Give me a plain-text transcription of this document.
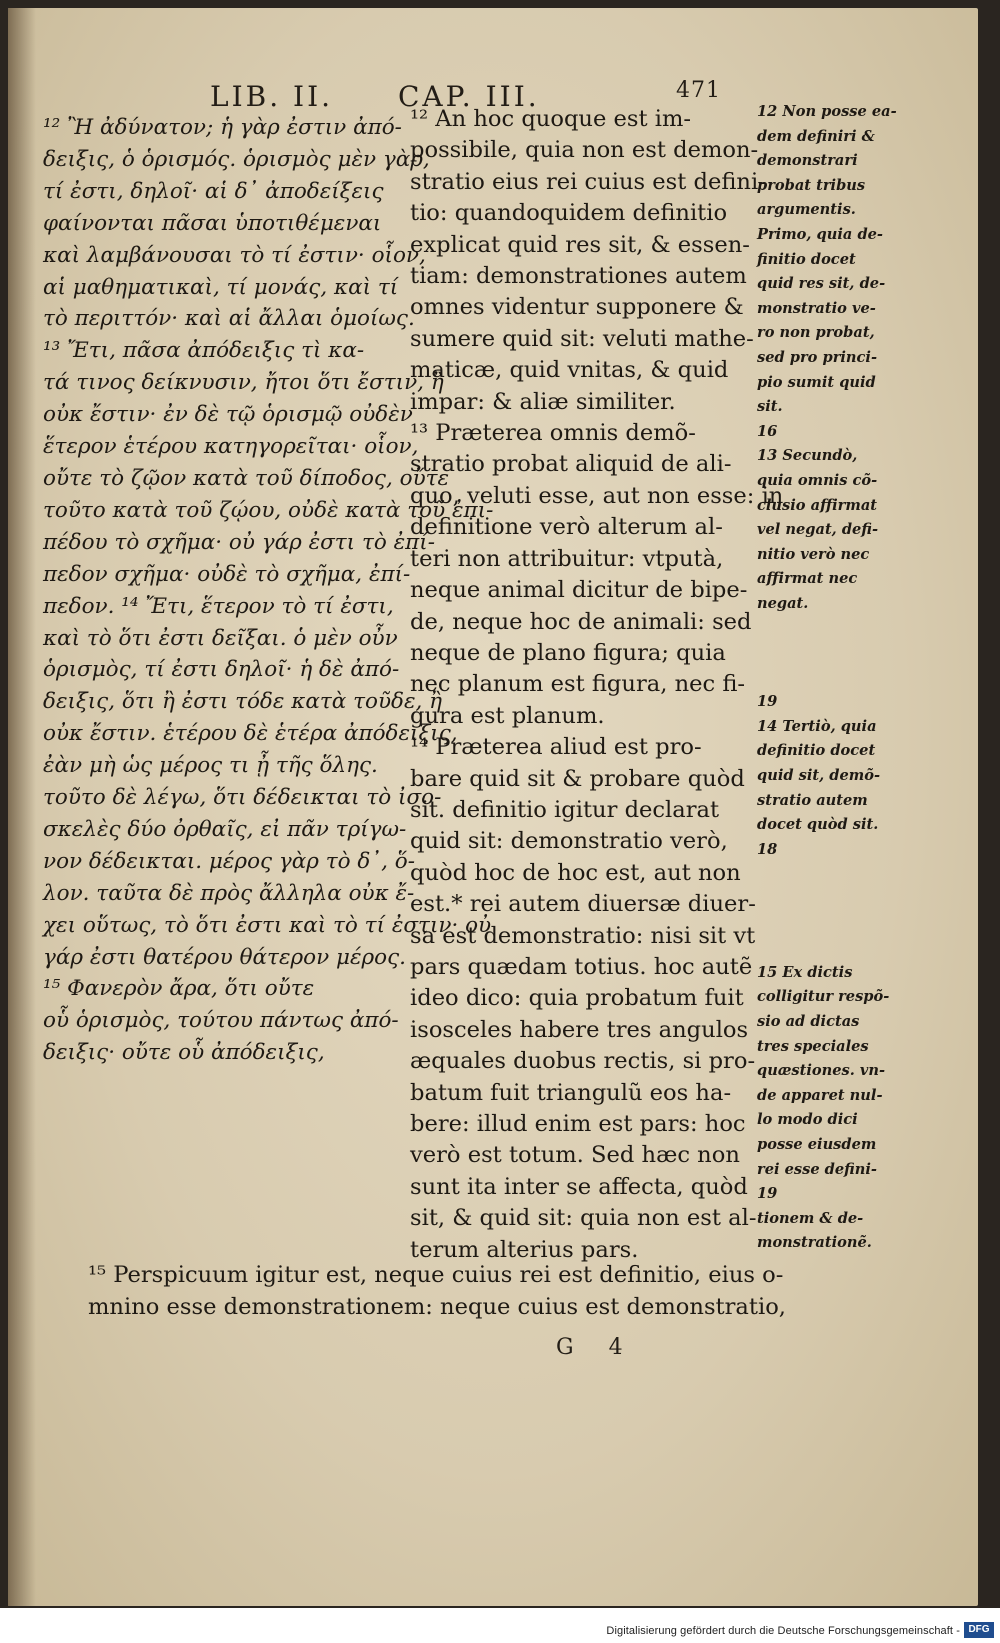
LIB. II. CAP. III.	471
¹² Ἢ ἀδύνατον; ἡ γὰρ ἐστιν ἀπό-
δειξις, ὁ ὁρισμός. ὁρισμὸς μὲν γὰρ,
τί ἐστι, δηλοῖ· αἱ δ᾽ ἀποδείξεις
φαίνονται πᾶσαι ὑποτιθέμεναι
καὶ λαμβάνουσαι τὸ τί ἐστιν· οἷον,
αἱ μαθηματικαὶ, τί μονάς, καὶ τί
τὸ περιττόν· καὶ αἱ ἄλλαι ὁμοίως.
¹³ Ἔτι, πᾶσα ἀπόδειξις τὶ κα-
τά τινος δείκνυσιν, ἤτοι ὅτι ἔστιν, ἢ
οὐκ ἔστιν· ἐν δὲ τῷ ὁρισμῷ οὐδὲν
ἕτερον ἑτέρου κατηγορεῖται· οἷον,
οὔτε τὸ ζῷον κατὰ τοῦ δίποδος, οὔτε
τοῦτο κατὰ τοῦ ζῴου, οὐδὲ κατὰ τοῦ ἐπι-
πέδου τὸ σχῆμα· οὐ γάρ ἐστι τὸ ἐπί-
πεδον σχῆμα· οὐδὲ τὸ σχῆμα, ἐπί-
πεδον. ¹⁴ Ἔτι, ἕτερον τὸ τί ἐστι,
καὶ τὸ ὅτι ἐστι δεῖξαι. ὁ μὲν οὖν
ὁρισμὸς, τί ἐστι δηλοῖ· ἡ δὲ ἀπό-
δειξις, ὅτι ἢ ἐστι τόδε κατὰ τοῦδε, ἢ
οὐκ ἔστιν. ἑτέρου δὲ ἑτέρα ἀπόδειξις,
ἐὰν μὴ ὡς μέρος τι ᾖ τῆς ὅλης.
τοῦτο δὲ λέγω, ὅτι δέδεικται τὸ ἰσο-
σκελὲς δύο ὀρθαῖς, εἰ πᾶν τρίγω-
νον δέδεικται. μέρος γὰρ τὸ δ᾽, ὅ-
λον. ταῦτα δὲ πρὸς ἄλληλα οὐκ ἔ-
χει οὕτως, τὸ ὅτι ἐστι καὶ τὸ τί ἐστιν· οὐ
γάρ ἐστι θατέρου θάτερον μέρος.
¹⁵ Φανερὸν ἄρα, ὅτι οὔτε
οὗ ὁρισμὸς, τούτου πάντως ἀπό-
δειξις· οὔτε οὗ ἀπόδειξις,
¹² An hoc quoque est im-
possibile, quia non est demon-
stratio eius rei cuius est defini-
tio: quandoquidem definitio
explicat quid res sit, & essen-
tiam: demonstrationes autem
omnes videntur supponere &
sumere quid sit: veluti mathe-
maticæ, quid vnitas, & quid
impar: & aliæ similiter.
¹³ Præterea omnis demõ-
stratio probat aliquid de ali-
quo, veluti esse, aut non esse: in
definitione verò alterum al-
teri non attribuitur: vtputà,
neque animal dicitur de bipe-
de, neque hoc de animali: sed
neque de plano figura; quia
nec planum est figura, nec fi-
gura est planum.
¹⁴ Præterea aliud est pro-
bare quid sit & probare quòd
sit. definitio igitur declarat
quid sit: demonstratio verò,
quòd hoc de hoc est, aut non
est.* rei autem diuersæ diuer-
sa est demonstratio: nisi sit vt
pars quædam totius. hoc autẽ
ideo dico: quia probatum fuit
isosceles habere tres angulos
æquales duobus rectis, si pro-
batum fuit triangulũ eos ha-
bere: illud enim est pars: hoc
verò est totum. Sed hæc non
sunt ita inter se affecta, quòd
sit, & quid sit: quia non est al-
terum alterius pars.
12 Non posse ea-
dem definiri &
demonstrari
probat tribus
argumentis.
Primo, quia de-
finitio docet
quid res sit, de-
monstratio ve-
ro non probat,
sed pro princi-
pio sumit quid
sit.
16
13 Secundò,
quia omnis cõ-
clusio affirmat
vel negat, defi-
nitio verò nec
affirmat nec
negat.

19
14 Tertiò, quia
definitio docet
quid sit, demõ-
stratio autem
docet quòd sit.
18

15 Ex dictis
colligitur respõ-
sio ad dictas
tres speciales
quæstiones. vn-
de apparet nul-
lo modo dici
posse eiusdem
rei esse defini-
19
tionem & de-
monstrationẽ.
¹⁵ Perspicuum igitur est, neque cuius rei est definitio, eius o-
mnino esse demonstrationem: neque cuius est demonstratio,
G 4
Digitalisierung gefördert durch die Deutsche Forschungsgemeinschaft - DFG
